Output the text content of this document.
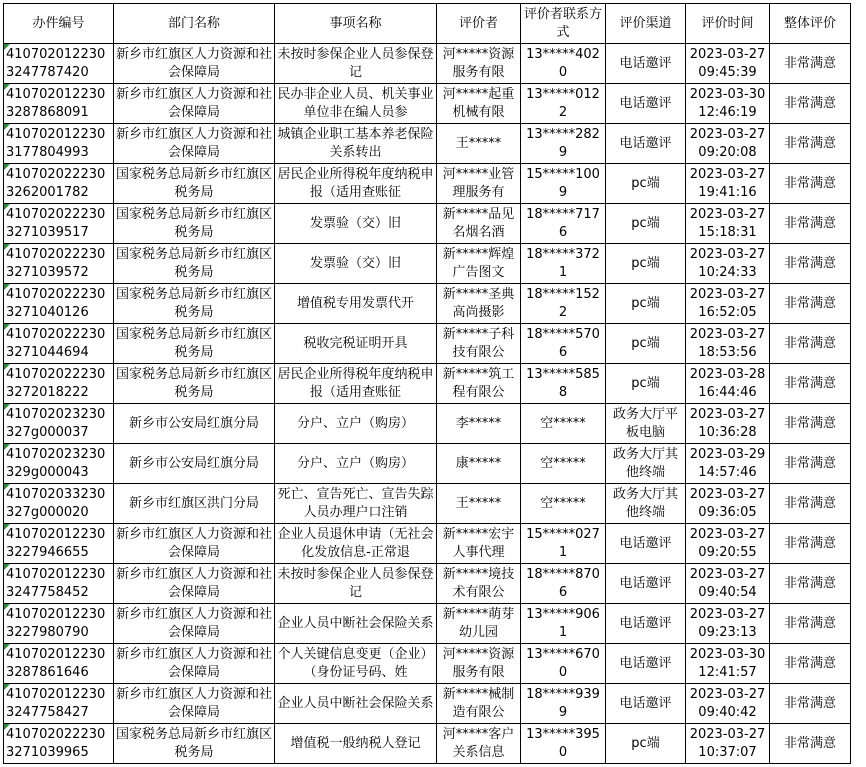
办件编号	部门名称	事项名称	评价者	评价者联系方式	评价渠道	评价时间	整体评价

4107020122303247787420	新乡市红旗区人力资源和社会保障局	未按时参保企业人员参保登记	河*****资源服务有限	13*****4020	电话邀评	2023-03-27 09:45:39	非常满意

4107020122303287868091	新乡市红旗区人力资源和社会保障局	民办非企业人员、机关事业单位非在编人员参	河*****起重机械有限	13*****0122	电话邀评	2023-03-30 12:46:19	非常满意

4107020122303177804993	新乡市红旗区人力资源和社会保障局	城镇企业职工基本养老保险关系转出	王*****	13*****2829	电话邀评	2023-03-27 09:20:08	非常满意

4107020222303262001782	国家税务总局新乡市红旗区税务局	居民企业所得税年度纳税申报（适用查账征	河*****业管理服务有	15*****1009	pc端	2023-03-27 19:41:16	非常满意

4107020222303271039517	国家税务总局新乡市红旗区税务局	发票验（交）旧	新*****品见名烟名酒	18*****7176	pc端	2023-03-27 15:18:31	非常满意

4107020222303271039572	国家税务总局新乡市红旗区税务局	发票验（交）旧	新*****辉煌广告图文	18*****3721	pc端	2023-03-27 10:24:33	非常满意

4107020222303271040126	国家税务总局新乡市红旗区税务局	增值税专用发票代开	新*****圣典高尚摄影	18*****1522	pc端	2023-03-27 16:52:05	非常满意

4107020222303271044694	国家税务总局新乡市红旗区税务局	税收完税证明开具	新*****子科技有限公	18*****5706	pc端	2023-03-27 18:53:56	非常满意

4107020222303272018222	国家税务总局新乡市红旗区税务局	居民企业所得税年度纳税申报（适用查账征	新*****筑工程有限公	13*****5858	pc端	2023-03-28 16:44:46	非常满意

410702023230327g000037	新乡市公安局红旗分局	分户、立户（购房）	李*****	空*****	政务大厅平板电脑	2023-03-27 10:36:28	非常满意

410702023230329g000043	新乡市公安局红旗分局	分户、立户（购房）	康*****	空*****	政务大厅其他终端	2023-03-29 14:57:46	非常满意

410702033230327g000020	新乡市红旗区洪门分局	死亡、宣告死亡、宣告失踪人员办理户口注销	王*****	空*****	政务大厅其他终端	2023-03-27 09:36:05	非常满意

4107020122303227946655	新乡市红旗区人力资源和社会保障局	企业人员退休申请（无社会化发放信息-正常退	新*****宏宇人事代理	15*****0271	电话邀评	2023-03-27 09:20:55	非常满意

4107020122303247758452	新乡市红旗区人力资源和社会保障局	未按时参保企业人员参保登记	新*****境技术有限公	18*****8706	电话邀评	2023-03-27 09:40:54	非常满意

4107020122303227980790	新乡市红旗区人力资源和社会保障局	企业人员中断社会保险关系	新*****萌芽幼儿园	13*****9061	电话邀评	2023-03-27 09:23:13	非常满意

4107020122303287861646	新乡市红旗区人力资源和社会保障局	个人关键信息变更（企业）（身份证号码、姓	河*****资源服务有限	13*****6700	电话邀评	2023-03-30 12:41:57	非常满意

4107020122303247758427	新乡市红旗区人力资源和社会保障局	企业人员中断社会保险关系	新*****械制造有限公	18*****9399	电话邀评	2023-03-27 09:40:42	非常满意

4107020222303271039965	国家税务总局新乡市红旗区税务局	增值税一般纳税人登记	河*****客户关系信息	13*****3950	pc端	2023-03-27 10:37:07	非常满意
